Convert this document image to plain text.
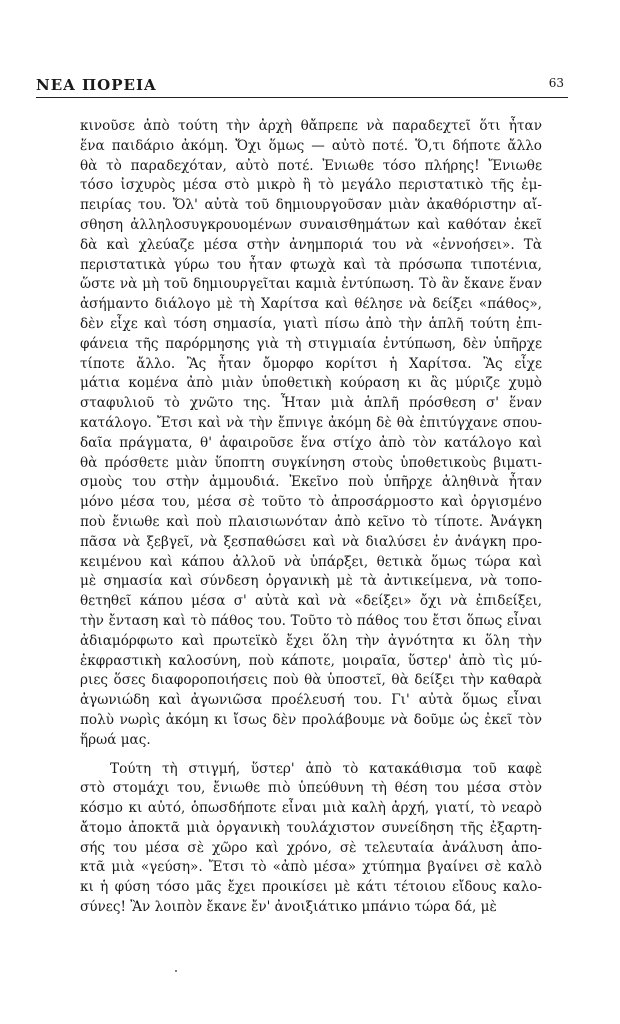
ΝΕΑ ΠΟΡΕΙΑ	63
κινοῦσε ἀπὸ τούτη τὴν ἀρχὴ θἄπρεπε νὰ παραδεχτεῖ ὅτι ἦταν
ἕνα παιδάριο ἀκόμη. Ὄχι ὅμως — αὐτὸ ποτέ. Ὅ,τι δήποτε ἄλλο
θὰ τὸ παραδεχόταν, αὐτὸ ποτέ. Ἐνιωθε τόσο πλήρης! Ἔνιωθε
τόσο ἰσχυρὸς μέσα στὸ μικρὸ ἢ τὸ μεγάλο περιστατικὸ τῆς ἐμ-
πειρίας του. Ὄλ' αὐτὰ τοῦ δημιουργοῦσαν μιὰν ἀκαθόριστην αἴ-
σθηση ἀλληλοσυγκρουομένων συναισθημάτων καὶ καθόταν ἐκεῖ
δὰ καὶ χλεύαζε μέσα στὴν ἀνημποριά του νὰ «ἐννοήσει». Τὰ
περιστατικὰ γύρω του ἦταν φτωχὰ καὶ τὰ πρόσωπα τιποτένια,
ὥστε νὰ μὴ τοῦ δημιουργεῖται καμιὰ ἐντύπωση. Τὸ ἂν ἔκανε ἕναν
ἀσήμαντο διάλογο μὲ τὴ Χαρίτσα καὶ θέλησε νὰ δείξει «πάθος»,
δὲν εἶχε καὶ τόση σημασία, γιατὶ πίσω ἀπὸ τὴν ἁπλῆ τούτη ἐπι-
φάνεια τῆς παρόρμησης γιὰ τὴ στιγμιαία ἐντύπωση, δὲν ὑπῆρχε
τίποτε ἄλλο. Ἂς ἦταν ὄμορφο κορίτσι ἡ Χαρίτσα. Ἂς εἶχε
μάτια κομένα ἀπὸ μιὰν ὑποθετικὴ κούραση κι ἂς μύριζε χυμὸ
σταφυλιοῦ τὸ χνῶτο της. Ἦταν μιὰ ἁπλῆ πρόσθεση σ' ἕναν
κατάλογο. Ἔτσι καὶ νὰ τὴν ἔπνιγε ἀκόμη δὲ θὰ ἐπιτύγχανε σπου-
δαῖα πράγματα, θ' ἀφαιροῦσε ἕνα στίχο ἀπὸ τὸν κατάλογο καὶ
θὰ πρόσθετε μιὰν ὕποπτη συγκίνηση στοὺς ὑποθετικοὺς βιματι-
σμοὺς του στὴν ἀμμουδιά. Ἐκεῖνο ποὺ ὑπῆρχε ἀληθινὰ ἦταν
μόνο μέσα του, μέσα σὲ τοῦτο τὸ ἀπροσάρμοστο καὶ ὀργισμένο
ποὺ ἔνιωθε καὶ ποὺ πλαισιωνόταν ἀπὸ κεῖνο τὸ τίποτε. Ἀνάγκη
πᾶσα νὰ ξεβγεῖ, νὰ ξεσπαθώσει καὶ νὰ διαλύσει ἐν ἀνάγκη προ-
κειμένου καὶ κάπου ἀλλοῦ νὰ ὑπάρξει, θετικὰ ὅμως τώρα καὶ
μὲ σημασία καὶ σύνδεση ὀργανικὴ μὲ τὰ ἀντικείμενα, νὰ τοπο-
θετηθεῖ κάπου μέσα σ' αὐτὰ καὶ νὰ «δείξει» ὄχι νὰ ἐπιδείξει,
τὴν ἔνταση καὶ τὸ πάθος του. Τοῦτο τὸ πάθος του ἔτσι ὅπως εἶναι
ἀδιαμόρφωτο καὶ πρωτεϊκὸ ἔχει ὅλη τὴν ἀγνότητα κι ὅλη τὴν
ἐκφραστικὴ καλοσύνη, ποὺ κάποτε, μοιραῖα, ὕστερ' ἀπὸ τὶς μύ-
ριες ὅσες διαφοροποιήσεις ποὺ θὰ ὑποστεῖ, θὰ δείξει τὴν καθαρὰ
ἀγωνιώδη καὶ ἀγωνιῶσα προέλευσή του. Γι' αὐτὰ ὅμως εἶναι
πολὺ νωρὶς ἀκόμη κι ἴσως δὲν προλάβουμε νὰ δοῦμε ὡς ἐκεῖ τὸν
ἥρωά μας.
Τούτη τὴ στιγμή, ὕστερ' ἀπὸ τὸ κατακάθισμα τοῦ καφὲ
στὸ στομάχι του, ἔνιωθε πιὸ ὑπεύθυνη τὴ θέση του μέσα στὸν
κόσμο κι αὐτό, ὁπωσδήποτε εἶναι μιὰ καλὴ ἀρχή, γιατί, τὸ νεαρὸ
ἄτομο ἀποκτᾶ μιὰ ὀργανικὴ τουλάχιστον συνείδηση τῆς ἐξαρτη-
σής του μέσα σὲ χῶρο καὶ χρόνο, σὲ τελευταία ἀνάλυση ἀπο-
κτᾶ μιὰ «γεύση». Ἔτσι τὸ «ἀπὸ μέσα» χτύπημα βγαίνει σὲ καλὸ
κι ἡ φύση τόσο μᾶς ἔχει προικίσει μὲ κάτι τέτοιου εἴδους καλο-
σύνες! Ἂν λοιπὸν ἔκανε ἔν' ἀνοιξιάτικο μπάνιο τώρα δά, μὲ
